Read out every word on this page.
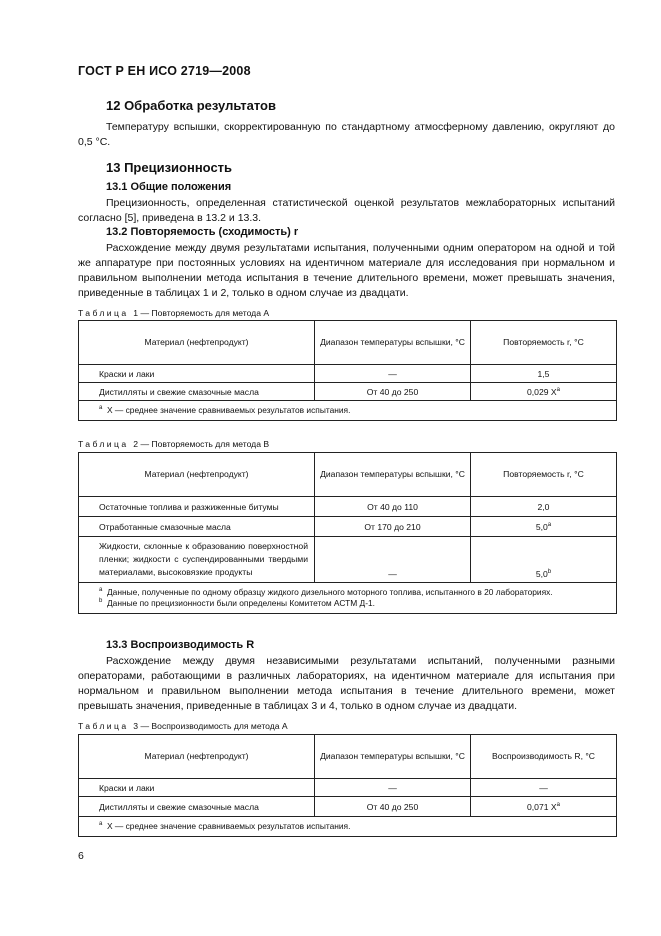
ГОСТ Р ЕН ИСО 2719—2008
12 Обработка результатов
Температуру вспышки, скорректированную по стандартному атмосферному давлению, округляют до 0,5 °С.
13 Прецизионность
13.1 Общие положения
Прецизионность, определенная статистической оценкой результатов межлабораторных испытаний согласно [5], приведена в 13.2 и 13.3.
13.2 Повторяемость (сходимость) r
Расхождение между двумя результатами испытания, полученными одним оператором на одной и той же аппаратуре при постоянных условиях на идентичном материале для исследования при нормальном и правильном выполнении метода испытания в течение длительного времени, может превышать значения, приведенные в таблицах 1 и 2, только в одном случае из двадцати.
Таблица 1 — Повторяемость для метода А
Материал (нефтепродукт)	Диапазон температуры вспышки, °С	Повторяемость r, °С
Краски и лаки	—	1,5
Дистилляты и свежие смазочные масла	От 40 до 250	0,029 $X^a$
$^a$ X — среднее значение сравниваемых результатов испытания.		
Таблица 2 — Повторяемость для метода В
Материал (нефтепродукт)	Диапазон температуры вспышки, °С	Повторяемость r, °С
Остаточные топлива и разжиженные битумы	От 40 до 110	2,0
Отработанные смазочные масла	От 170 до 210	5,0$^a$
Жидкости, склонные к образованию поверхностной пленки; жидкости с суспендированными твердыми материалами, высоковязкие продукты	—	5,0$^b$

$^a$ Данные, полученные по одному образцу жидкого дизельного моторного топлива, испытанного в 20 лабораториях.
$^b$ Данные по прецизионности были определены Комитетом АСТМ Д-1.		
13.3 Воспроизводимость R
Расхождение между двумя независимыми результатами испытаний, полученными разными операторами, работающими в различных лабораториях, на идентичном материале для испытания при нормальном и правильном выполнении метода испытания в течение длительного времени, может превышать значения, приведенные в таблицах 3 и 4, только в одном случае из двадцати.
Таблица 3 — Воспроизводимость для метода А
Материал (нефтепродукт)	Диапазон температуры вспышки, °С	Воспроизводимость R, °С
Краски и лаки	—	—
Дистилляты и свежие смазочные масла	От 40 до 250	0,071 $X^a$
$^a$ X — среднее значение сравниваемых результатов испытания.		
6
